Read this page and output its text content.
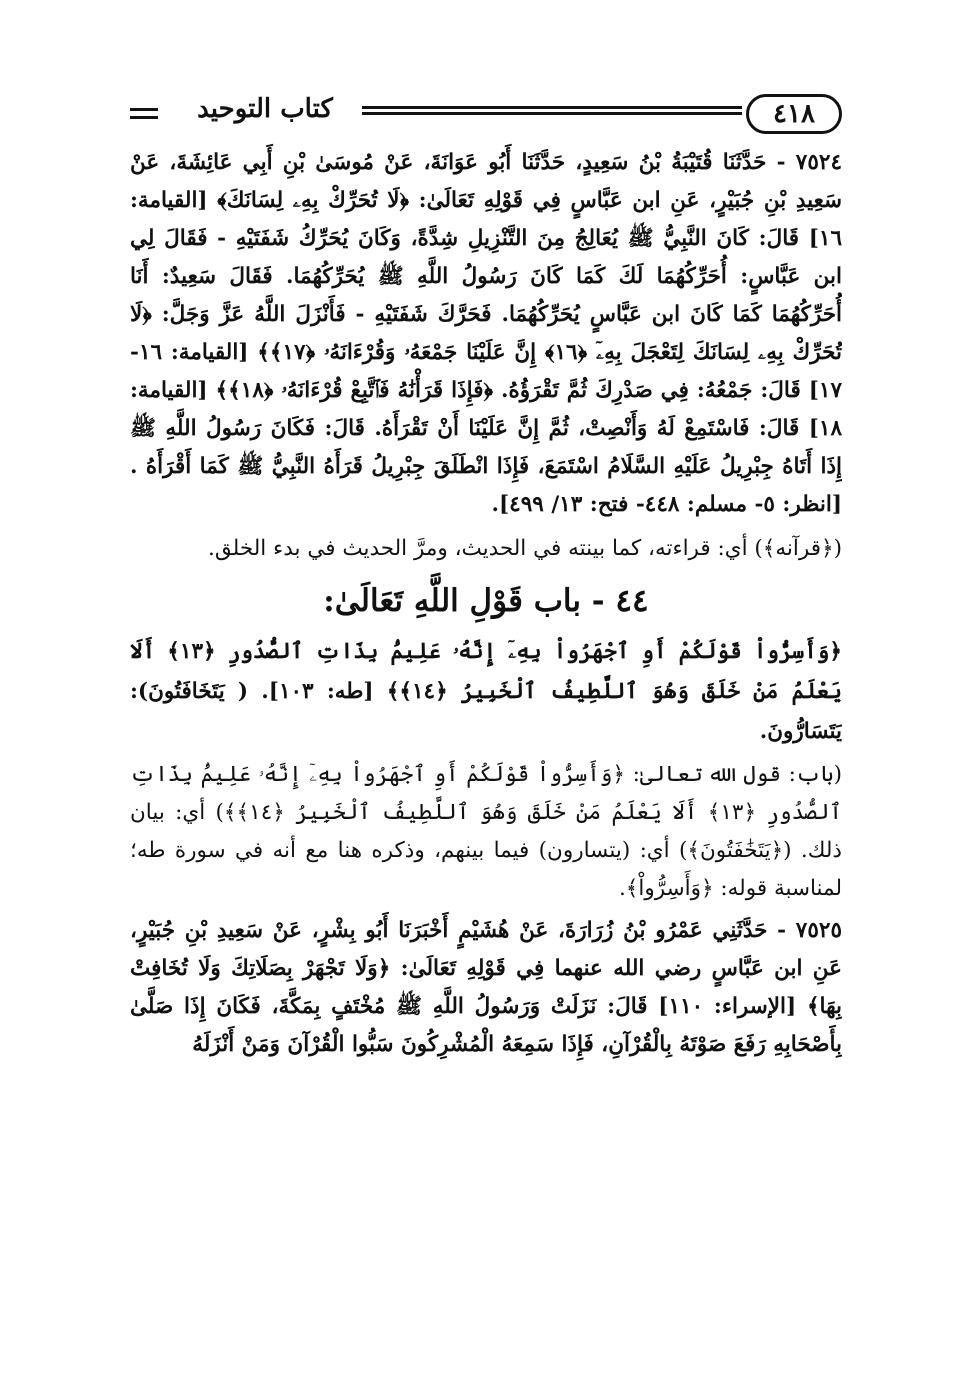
٤١٨
كتاب التوحيد

٧٥٢٤ - حَدَّثَنَا قُتَيْبَةُ بْنُ سَعِيدٍ، حَدَّثَنَا أَبُو عَوَانَةَ، عَنْ مُوسَىٰ بْنِ أَبِي عَائِشَةَ، عَنْ سَعِيدِ بْنِ جُبَيْرٍ، عَنِ ابن عَبَّاسٍ فِي قَوْلِهِ تَعَالَىٰ: ﴿لَا تُحَرِّكْ بِهِۦ لِسَانَكَ﴾ [القيامة: ١٦] قَالَ: كَانَ النَّبِيُّ ﷺ يُعَالِجُ مِنَ التَّنْزِيلِ شِدَّةً، وَكَانَ يُحَرِّكُ شَفَتَيْهِ - فَقَالَ لِي ابن عَبَّاسٍ: أُحَرِّكُهُمَا لَكَ كَمَا كَانَ رَسُولُ اللَّهِ ﷺ يُحَرِّكُهُمَا. فَقَالَ سَعِيدٌ: أَنَا أُحَرِّكُهُمَا كَمَا كَانَ ابن عَبَّاسٍ يُحَرِّكُهُمَا. فَحَرَّكَ شَفَتَيْهِ - فَأَنْزَلَ اللَّهُ عَزَّ وَجَلَّ: ﴿لَا تُحَرِّكْ بِهِۦ لِسَانَكَ لِتَعْجَلَ بِهِۦٓ ﴿١٦﴾ إِنَّ عَلَيْنَا جَمْعَهُۥ وَقُرْءَانَهُۥ ﴿١٧﴾﴾ [القيامة: ١٦- ١٧] قَالَ: جَمْعُهُ: فِي صَدْرِكَ ثُمَّ تَقْرَؤُهُ. ﴿فَإِذَا قَرَأْنَٰهُ فَٱتَّبِعْ قُرْءَانَهُۥ ﴿١٨﴾﴾ [القيامة: ١٨] قَالَ: فَاسْتَمِعْ لَهُ وَأَنْصِتْ، ثُمَّ إِنَّ عَلَيْنَا أَنْ تَقْرَأَهُ. قَالَ: فَكَانَ رَسُولُ اللَّهِ ﷺ إِذَا أَتَاهُ جِبْرِيلُ عَلَيْهِ السَّلَامُ اسْتَمَعَ، فَإِذَا انْطَلَقَ جِبْرِيلُ قَرَأَهُ النَّبِيُّ ﷺ كَمَا أَقْرَأَهُ .[انظر: ٥- مسلم: ٤٤٨- فتح: ١٣/ ٤٩٩].

(﴿قرآنه﴾) أي: قراءته، كما بينته في الحديث، ومرَّ الحديث في بدء الخلق.

٤٤ - باب قَوْلِ اللَّهِ تَعَالَىٰ:

﴿وَأَسِرُّواْ قَوْلَكُمْ أَوِ ٱجْهَرُواْ بِهِۦٓ إِنَّهُۥ عَلِيمُۢ بِذَاتِ ٱلصُّدُورِ ﴿١٣﴾ أَلَا يَعْلَمُ مَنْ خَلَقَ وَهُوَ ٱللَّطِيفُ ٱلْخَبِيرُ ﴿١٤﴾﴾ [طه: ١٠٣]. ( يَتَخَافَتُونَ): يَتَسَارُّونَ.

(باب: قول الله تعالىٰ: ﴿وَأَسِرُّواْ قَوْلَكُمْ أَوِ ٱجْهَرُواْ بِهِۦٓ إِنَّهُۥ عَلِيمُۢ بِذَاتِ ٱلصُّدُورِ ﴿١٣﴾ أَلَا يَعْلَمُ مَنْ خَلَقَ وَهُوَ ٱللَّطِيفُ ٱلْخَبِيرُ ﴿١٤﴾﴾) أي: بيان ذلك. (﴿يَتَخَٰفَتُونَ﴾) أي: (يتسارون) فيما بينهم، وذكره هنا مع أنه في سورة طه؛ لمناسبة قوله: ﴿وَأَسِرُّواْ﴾.

٧٥٢٥ - حَدَّثَنِي عَمْرُو بْنُ زُرَارَةَ، عَنْ هُشَيْمٍ أَخْبَرَنَا أَبُو بِشْرٍ، عَنْ سَعِيدِ بْنِ جُبَيْرٍ، عَنِ ابن عَبَّاسٍ رضي الله عنهما فِي قَوْلِهِ تَعَالَىٰ: ﴿وَلَا تَجْهَرْ بِصَلَاتِكَ وَلَا تُخَافِتْ بِهَا﴾ [الإسراء: ١١٠] قَالَ: نَزَلَتْ وَرَسُولُ اللَّهِ ﷺ مُخْتَفٍ بِمَكَّةَ، فَكَانَ إِذَا صَلَّىٰ بِأَصْحَابِهِ رَفَعَ صَوْتَهُ بِالْقُرْآنِ، فَإِذَا سَمِعَهُ الْمُشْرِكُونَ سَبُّوا الْقُرْآنَ وَمَنْ أَنْزَلَهُ
